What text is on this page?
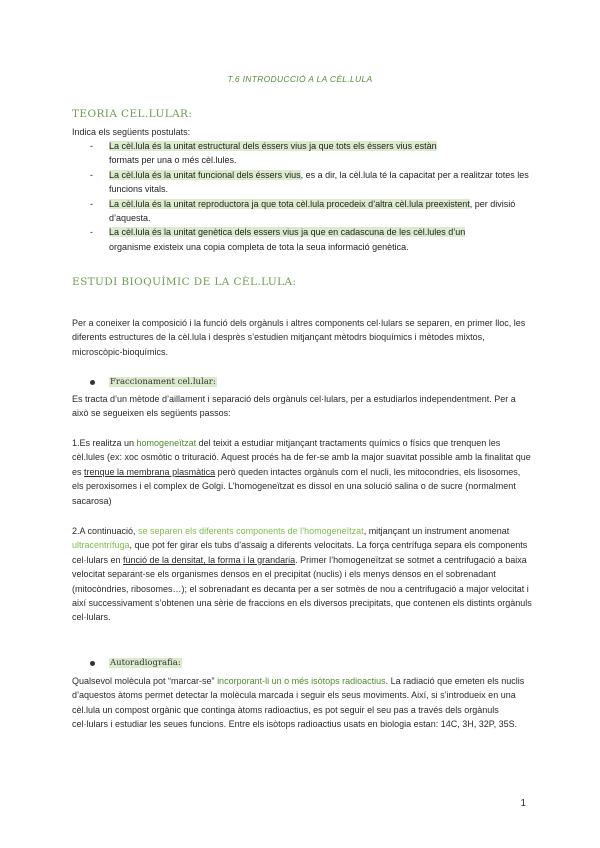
T.6 INTRODUCCIÓ A LA CÈL.LULA
TEORIA CEL.LULAR:
Indica els següents postulats:
- La cèl.lula és la unitat estructural dels éssers vius ja que tots els éssers vius estàn
formats per una o més cèl.lules.
- La cèl.lula és la unitat funcional dels éssers vius, es a dir, la cèl.lula té la capacitat per a realitzar totes les funcions vitals.
- La cèl.lula és la unitat reproductora ja que tota cèl.lula procedeix d’altra cèl.lula preexistent, per divisió d’aquesta.
- La cèl.lula és la unitat genètica dels essers vius ja que en cadascuna de les cèl.lules d’un
organisme existeix una copia completa de tota la seua informació genètica.
ESTUDI BIOQUÍMIC DE LA CÈL.LULA:
Per a coneixer la composició i la funció dels orgànuls i altres components cel·lulars se separen, en primer lloc, les diferents estructures de la cèl.lula i desprès s’estudien mitjançant mètodrs bioquímics i mètodes mixtos, microscòpic-bioquímics.
Fraccionament cel.lular:
Es tracta d’un mètode d’aillament i separació dels orgànuls cel·lulars, per a estudiarlos independentment. Per a això se segueixen els següents passos:
1.Es realitza un homogeneïtzat del teixit a estudiar mitjançant tractaments químics o físics que trenquen les cèl.lules (ex: xoc osmòtic o trituració. Aquest procés ha de fer-se amb la major suavitat possible amb la finalitat que es trenque la membrana plasmàtica però queden intactes orgànuls com el nucli, les mitocondries, els lisosomes, els peroxisomes i el complex de Golgi. L’homogeneïtzat es dissol en una solució salina o de sucre (normalment sacarosa)
2.A continuació, se separen els diferents components de l’homogeneïtzat, mitjançant un instrument anomenat ultracentrífuga, que pot fer girar els tubs d’assaig a diferents velocitats. La força centrífuga separa els components cel·lulars en funció de la densitat, la forma i la grandaria. Primer l’homogeneïtzat se sotmet a centrifugació a baixa velocitat separant-se els organismes densos en el precipitat (nuclis) i els menys densos en el sobrenadant (mitocòndries, ribosomes…); el sobrenadant es decanta per a ser sotmès de nou a centrifugació a major velocitat i així successivament s’obtenen una sèrie de fraccions en els diversos precipitats, que contenen els distints orgànuls cel·lulars.
Autoradiografia:
Qualsevol molècula pot “marcar-se” incorporant-li un o més isòtops radioactius. La radiació que emeten els nuclis d’aquestos àtoms permet detectar la molècula marcada i seguir els seus moviments. Així, si s’introdueix en una cèl.lula un compost orgànic que contingа àtoms radioactius, es pot seguir el seu pas a través dels orgànuls cel·lulars i estudiar les seues funcions. Entre els isòtops radioactius usats en biologia estan: 14C, 3H, 32P, 35S.
1
